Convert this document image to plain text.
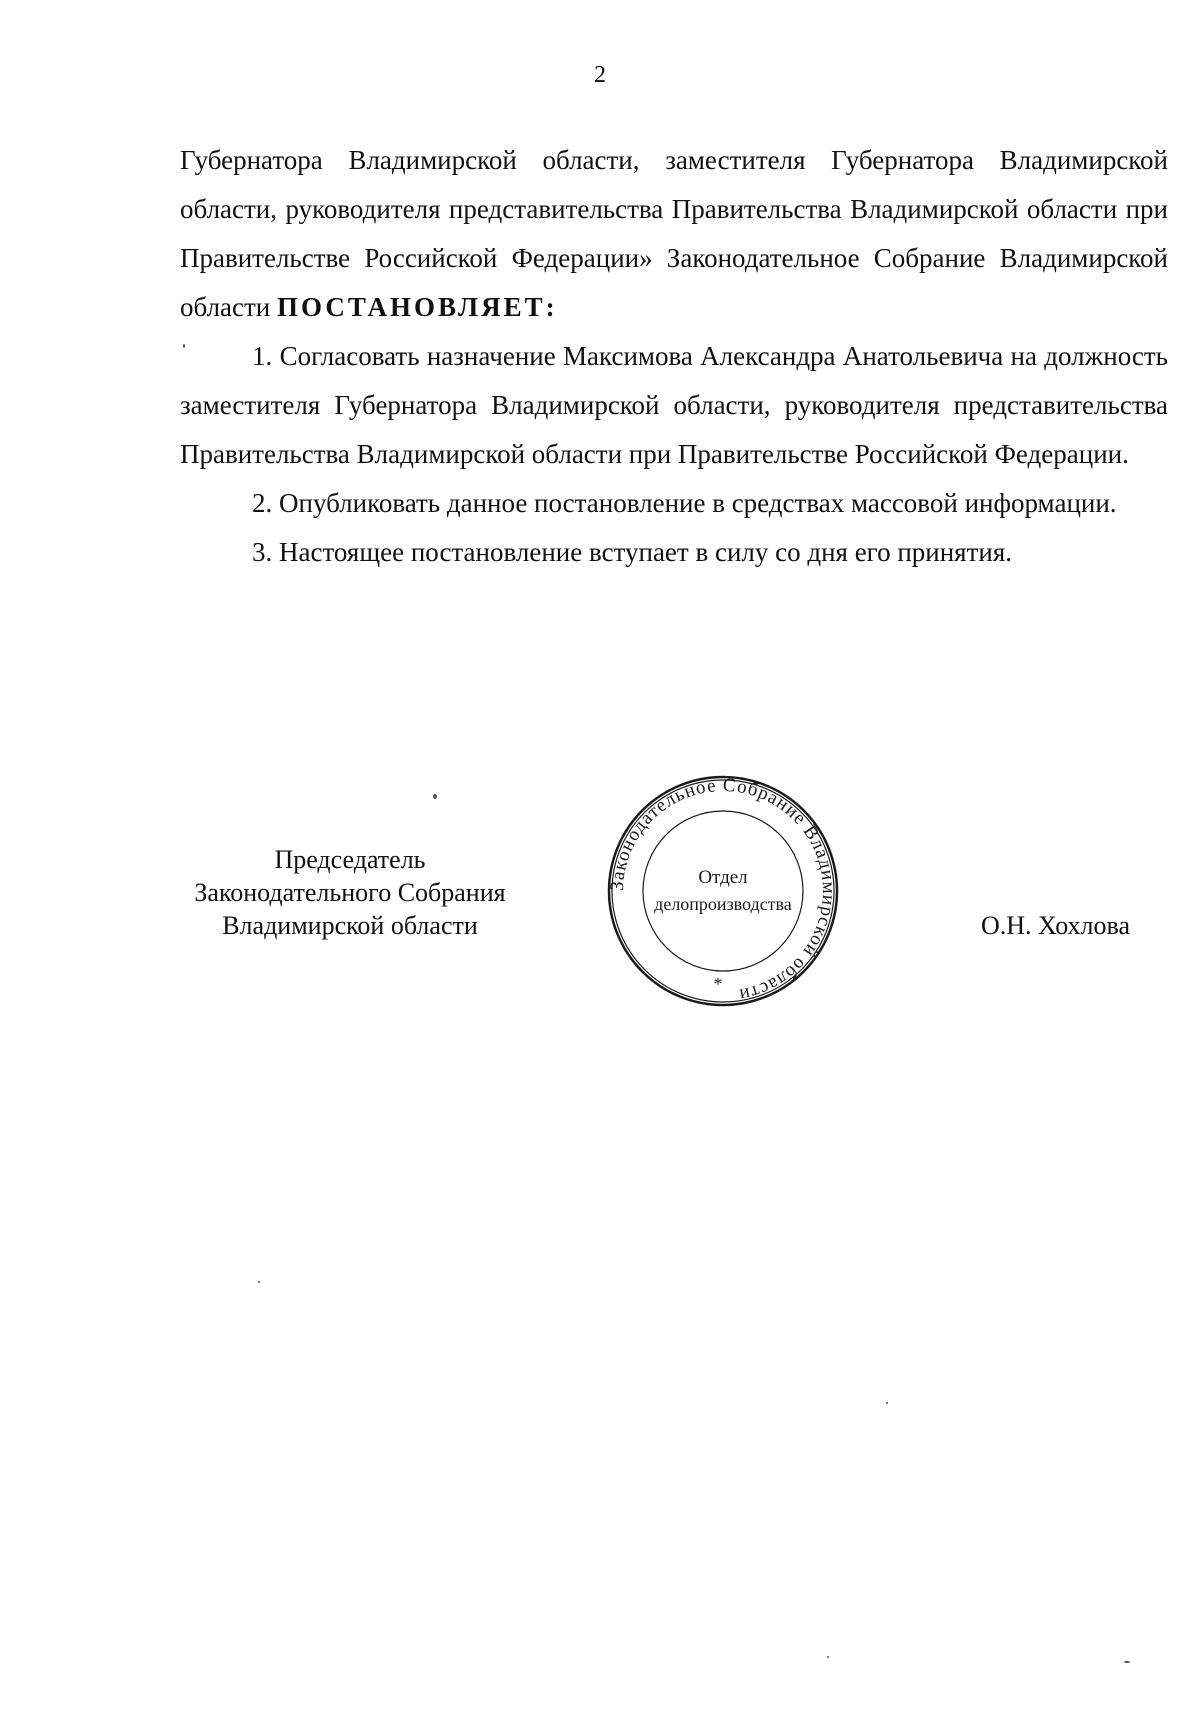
2

Губернатора Владимирской области, заместителя Губернатора Владимирской области, руководителя представительства Правительства Владимирской области при Правительстве Российской Федерации» Законодательное Собрание Владимирской области ПОСТАНОВЛЯЕТ:

1. Согласовать назначение Максимова Александра Анатольевича на должность заместителя Губернатора Владимирской области, руководителя представительства Правительства Владимирской области при Правительстве Российской Федерации.

2. Опубликовать данное постановление в средствах массовой информации.

3. Настоящее постановление вступает в силу со дня его принятия.

Председатель
Законодательного Собрания
Владимирской области
Законодательное Собрание Владимирской области
Отдел
делопроизводства
*
О.Н. Хохлова
